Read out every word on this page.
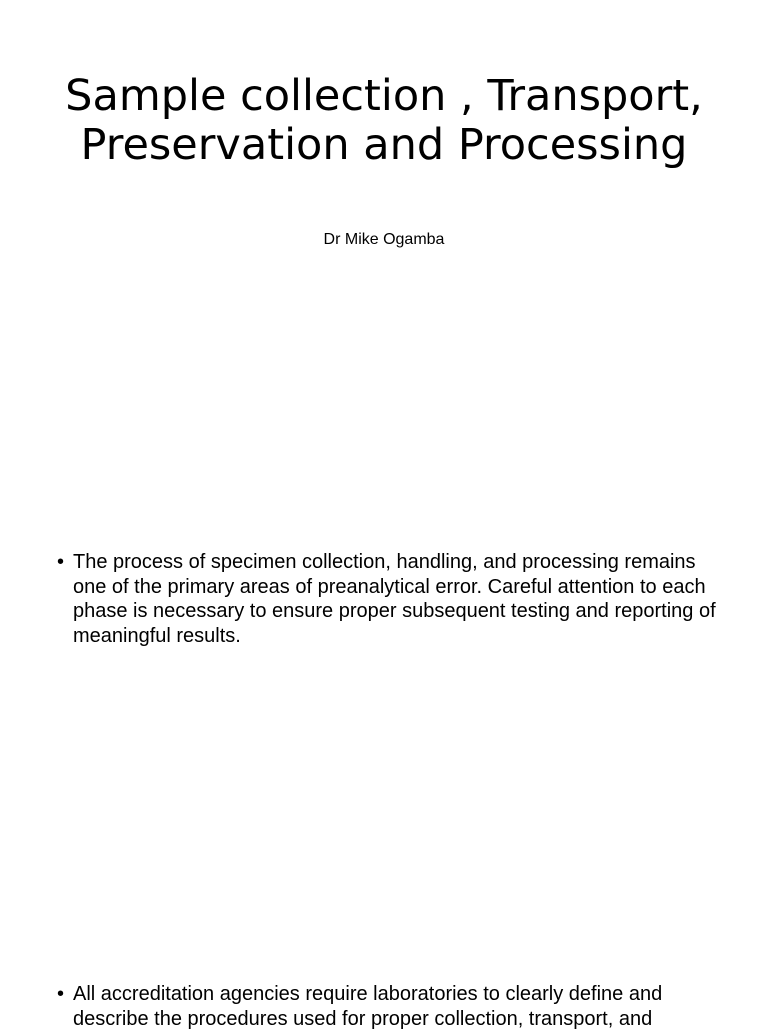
Sample collection , Transport, Preservation and Processing
Dr Mike Ogamba
• The process of specimen collection, handling, and processing remains one of the primary areas of preanalytical error. Careful attention to each phase is necessary to ensure proper subsequent testing and reporting of meaningful results.
• All accreditation agencies require laboratories to clearly define and describe the procedures used for proper collection, transport, and
